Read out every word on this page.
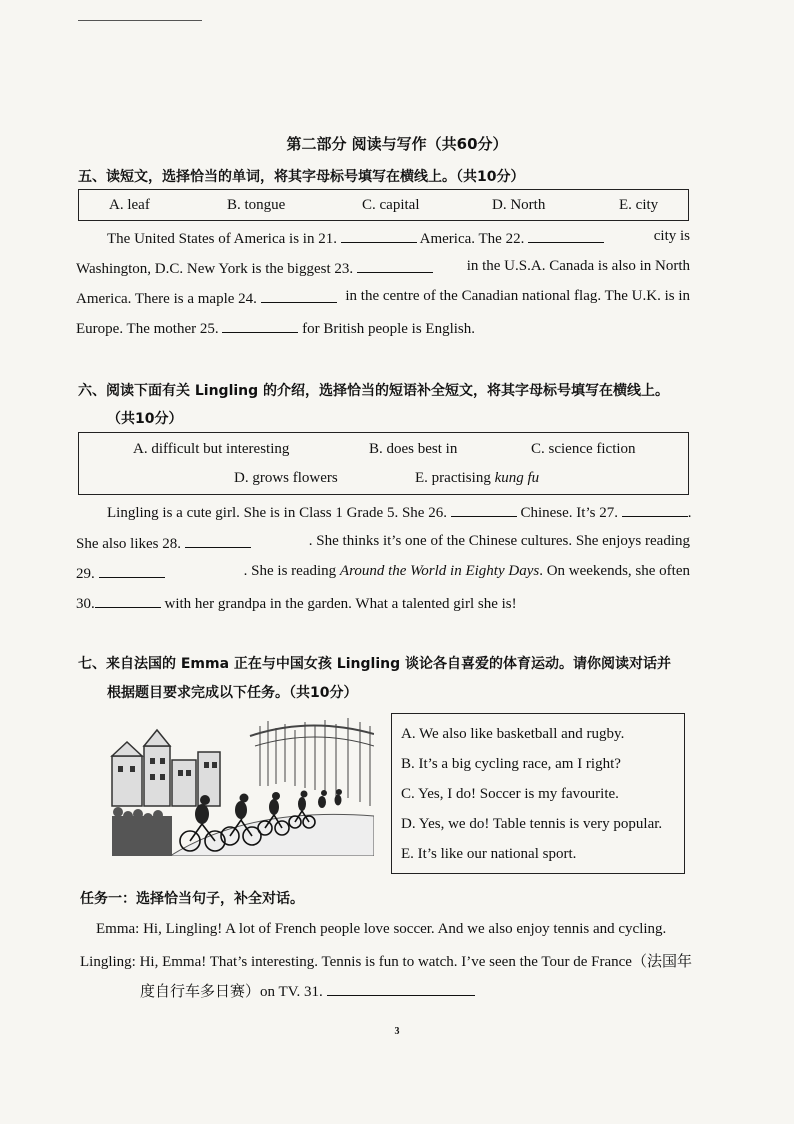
第二部分 阅读与写作（共60分）
五、读短文，选择恰当的单词，将其字母标号填写在横线上。（共10分）
A. leaf	B. tongue	C. capital	D. North	E. city
The United States of America is in 21.	America. The 22.	city is
Washington, D.C. New York is the biggest 23.	in the U.S.A. Canada is also in North
America. There is a maple 24.	in the centre of the Canadian national flag. The U.K. is in
Europe. The mother 25.	for British people is English.
六、阅读下面有关 Lingling 的介绍，选择恰当的短语补全短文，将其字母标号填写在横线上。
（共10分）
A. difficult but interesting	B. does best in	C. science fiction
D. grows flowers	E. practising kung fu
Lingling is a cute girl. She is in Class 1 Grade 5. She 26.	Chinese. It’s 27.	.
She also likes 28.	. She thinks it’s one of the Chinese cultures. She enjoys reading
29.	. She is reading Around the World in Eighty Days. On weekends, she often
30.	with her grandpa in the garden. What a talented girl she is!
七、来自法国的 Emma 正在与中国女孩 Lingling 谈论各自喜爱的体育运动。请你阅读对话并
根据题目要求完成以下任务。（共10分）
A. We also like basketball and rugby.
B. It’s a big cycling race, am I right?
C. Yes, I do! Soccer is my favourite.
D. Yes, we do! Table tennis is very popular.
E. It’s like our national sport.
任务一：选择恰当句子，补全对话。
Emma: Hi, Lingling! A lot of French people love soccer. And we also enjoy tennis and cycling.
Lingling: Hi, Emma! That’s interesting. Tennis is fun to watch. I’ve seen the Tour de France（法国年
度自行车多日赛）on TV. 31.
3
